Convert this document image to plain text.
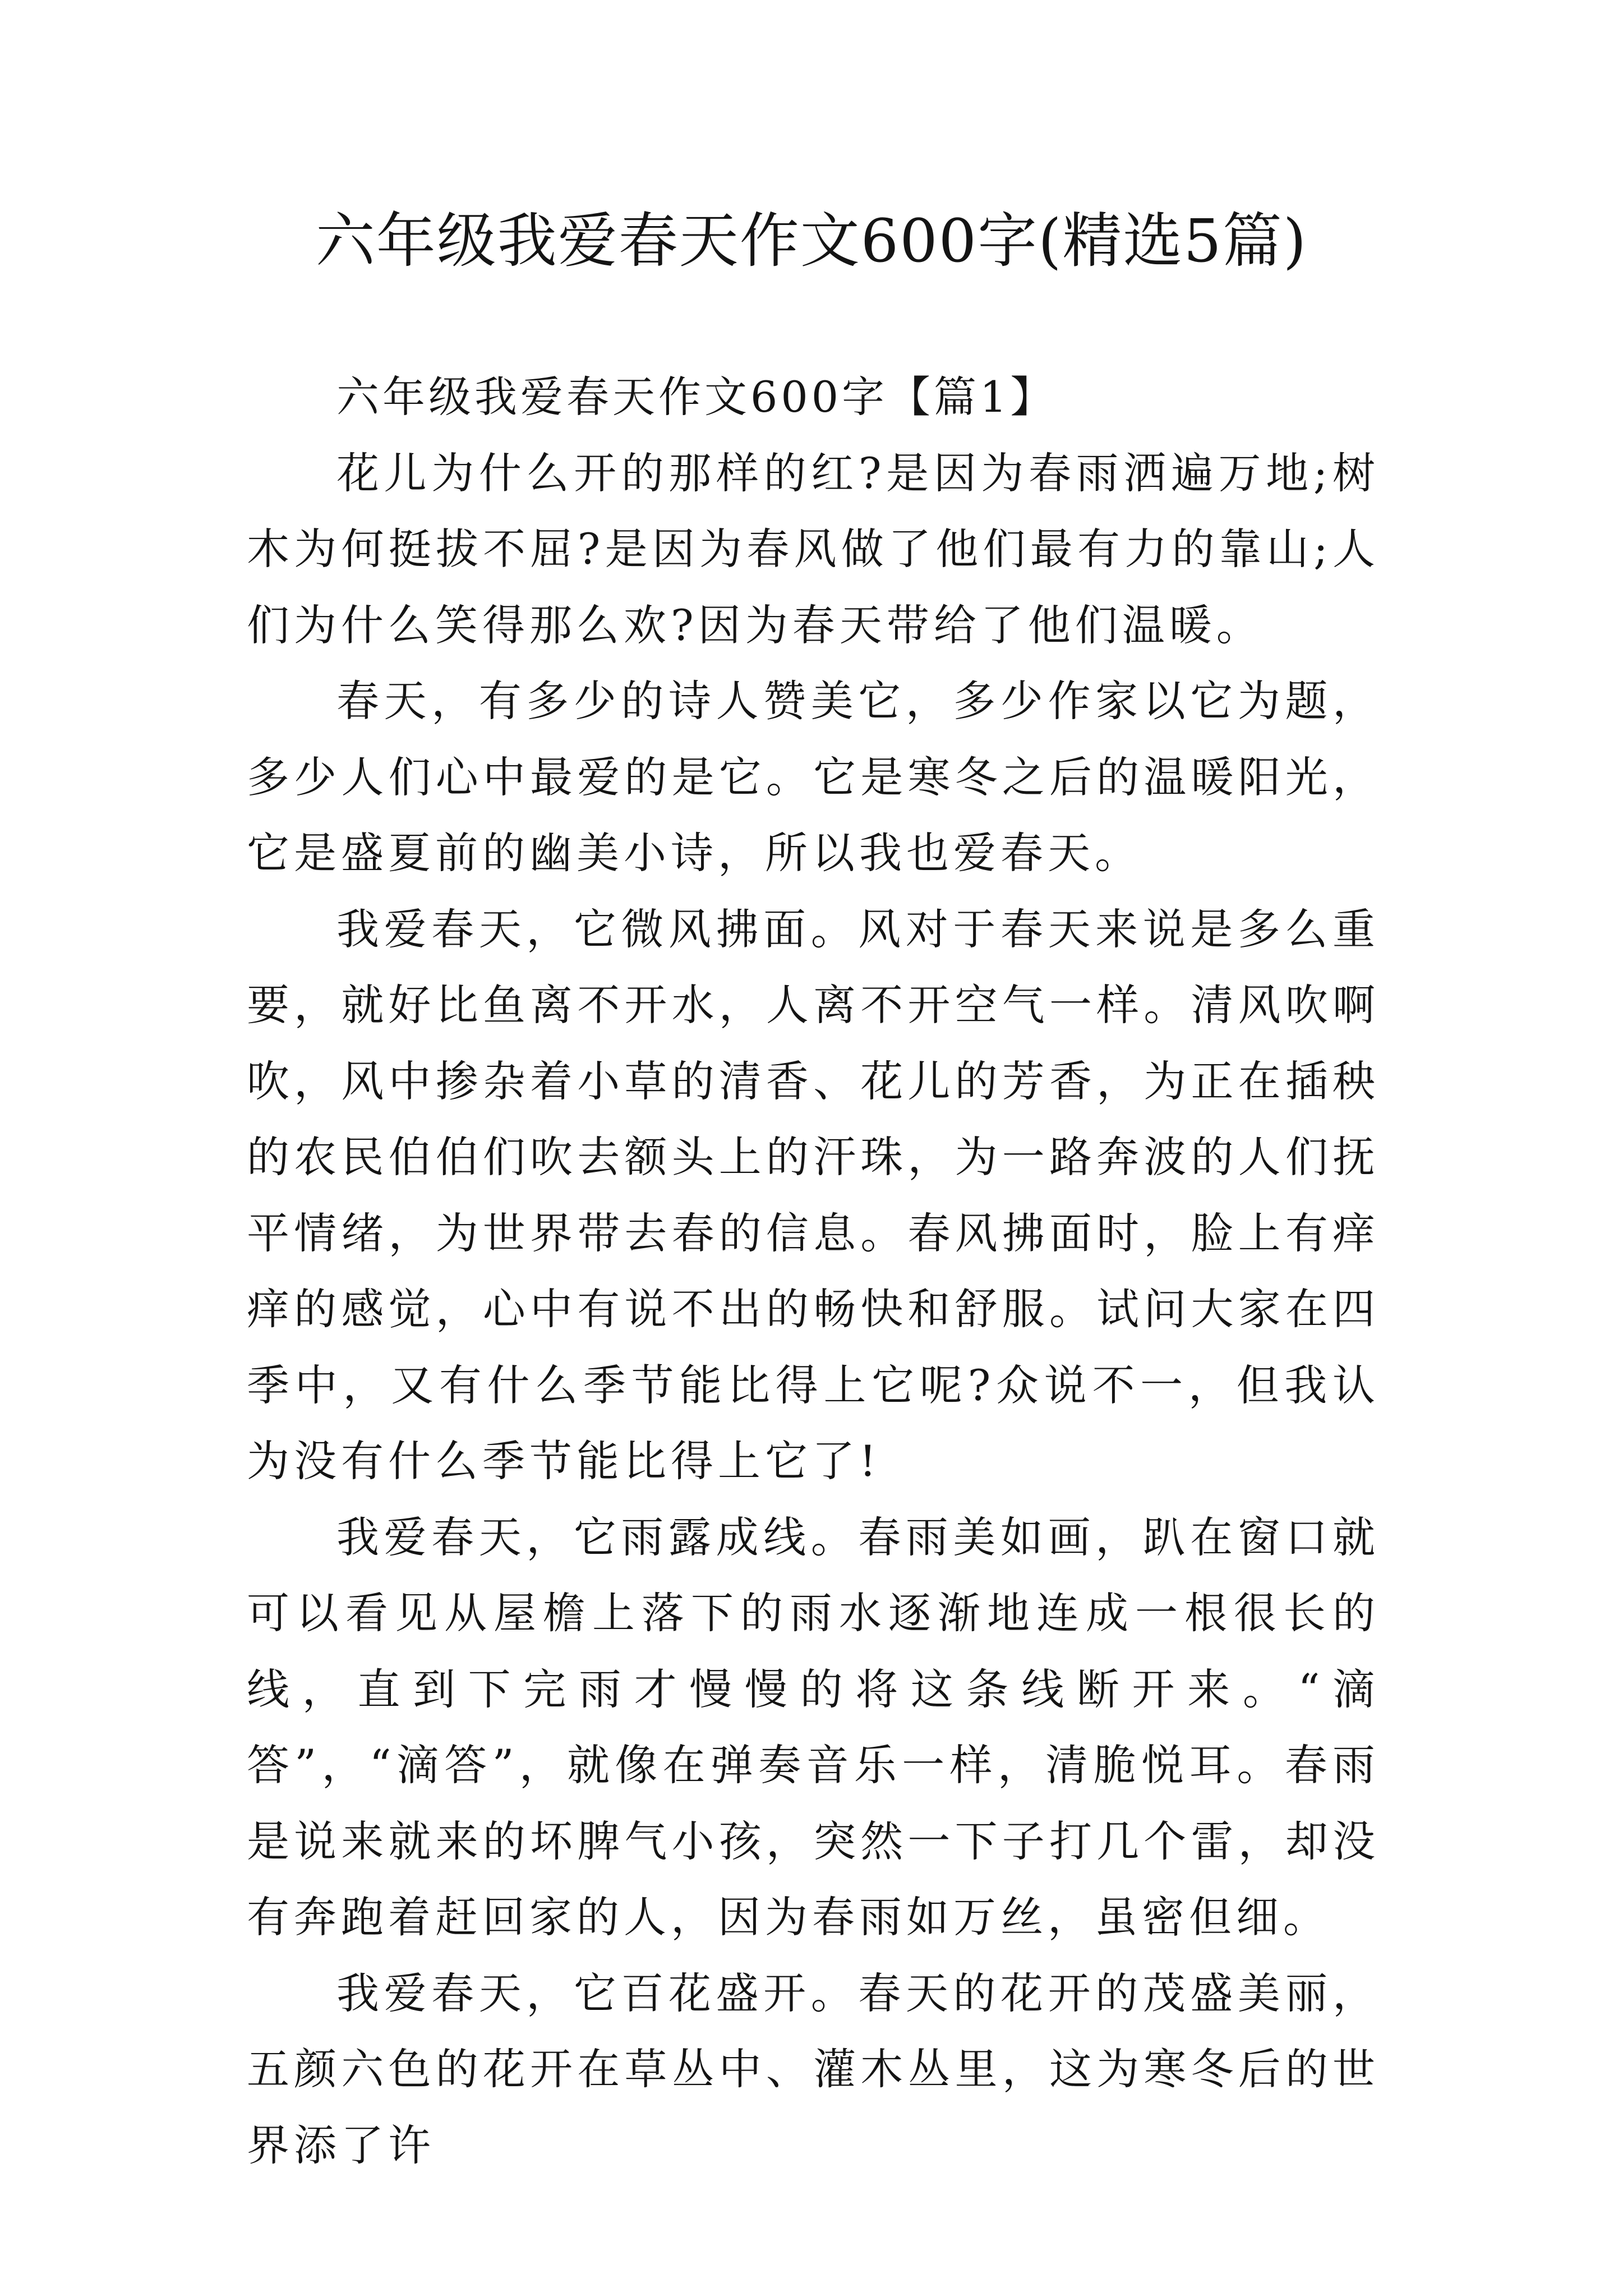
六年级我爱春天作文600字(精选5篇)

六年级我爱春天作文600字【篇1】

花儿为什么开的那样的红?是因为春雨洒遍万地;树木为何挺拔不屈?是因为春风做了他们最有力的靠山;人们为什么笑得那么欢?因为春天带给了他们温暖。

春天，有多少的诗人赞美它，多少作家以它为题，多少人们心中最爱的是它。它是寒冬之后的温暖阳光，它是盛夏前的幽美小诗，所以我也爱春天。

我爱春天，它微风拂面。风对于春天来说是多么重要，就好比鱼离不开水，人离不开空气一样。清风吹啊吹，风中掺杂着小草的清香、花儿的芳香，为正在插秧的农民伯伯们吹去额头上的汗珠，为一路奔波的人们抚平情绪，为世界带去春的信息。春风拂面时，脸上有痒痒的感觉，心中有说不出的畅快和舒服。试问大家在四季中，又有什么季节能比得上它呢?众说不一，但我认为没有什么季节能比得上它了!

我爱春天，它雨露成线。春雨美如画，趴在窗口就可以看见从屋檐上落下的雨水逐渐地连成一根很长的线，直到下完雨才慢慢的将这条线断开来。“滴答”，“滴答”，就像在弹奏音乐一样，清脆悦耳。春雨是说来就来的坏脾气小孩，突然一下子打几个雷，却没有奔跑着赶回家的人，因为春雨如万丝，虽密但细。

我爱春天，它百花盛开。春天的花开的茂盛美丽，五颜六色的花开在草丛中、灌木丛里，这为寒冬后的世界添了许
